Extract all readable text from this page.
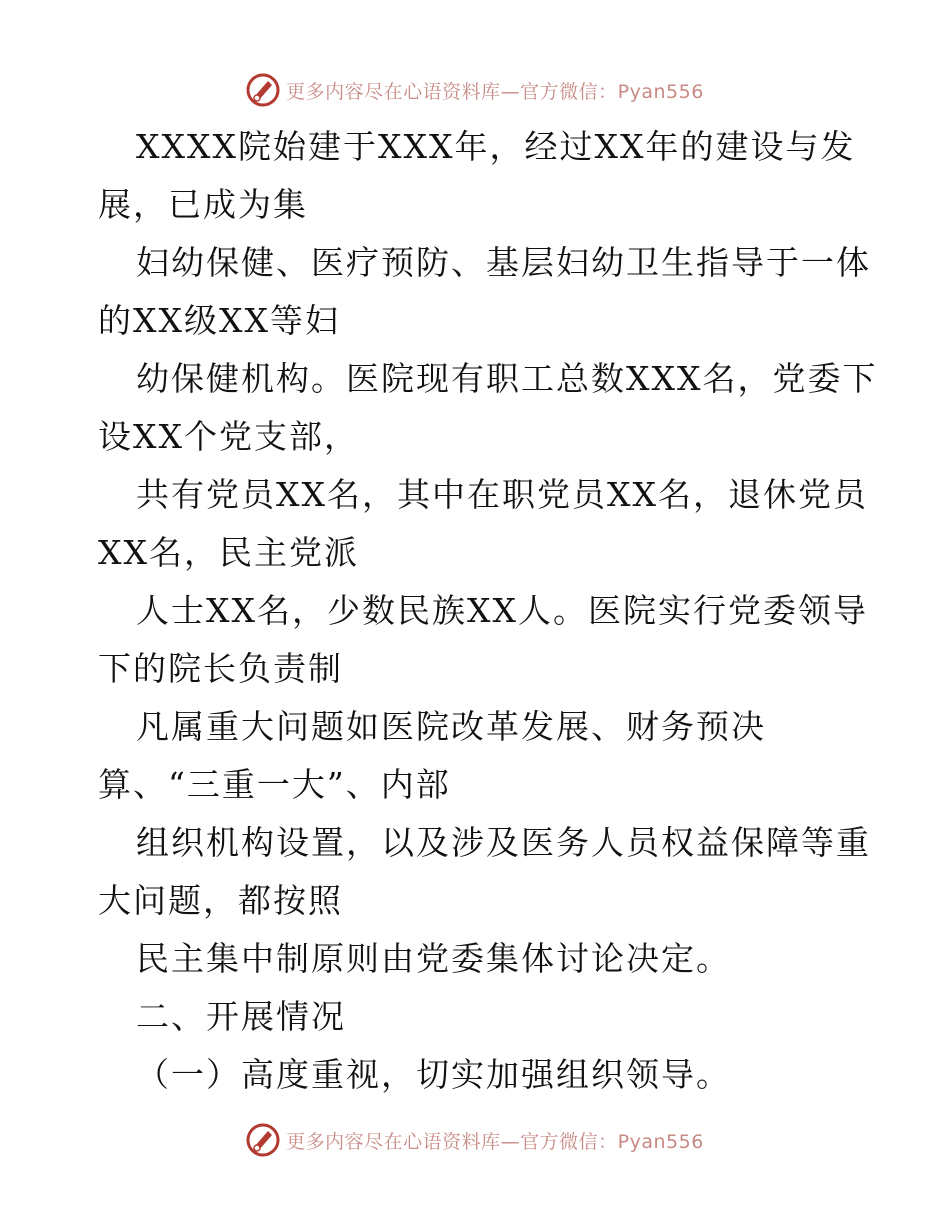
更多内容尽在心语资料库—官方微信：Pyan556
XXXX院始建于XXX年，经过XX年的建设与发
展，已成为集
妇幼保健、医疗预防、基层妇幼卫生指导于一体
的XX级XX等妇
幼保健机构。医院现有职工总数XXX名，党委下
设XX个党支部，
共有党员XX名，其中在职党员XX名，退休党员
XX名，民主党派
人士XX名，少数民族XX人。医院实行党委领导
下的院长负责制
凡属重大问题如医院改革发展、财务预决
算、“三重一大”、内部
组织机构设置，以及涉及医务人员权益保障等重
大问题，都按照
民主集中制原则由党委集体讨论决定。
二、开展情况
（一）高度重视，切实加强组织领导。
更多内容尽在心语资料库—官方微信：Pyan556
